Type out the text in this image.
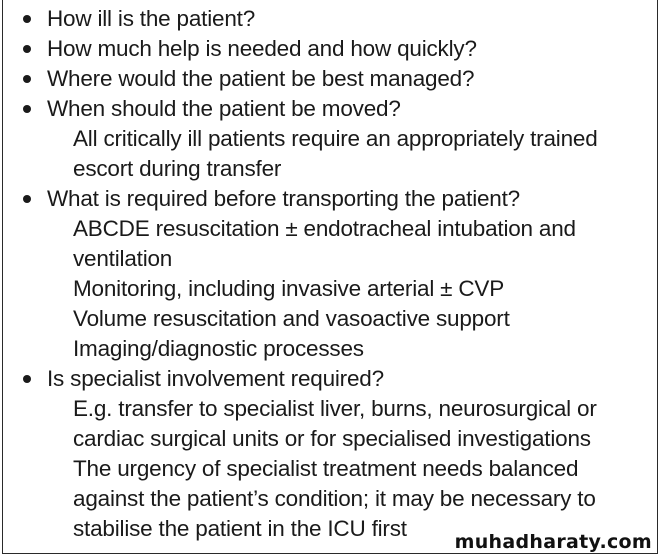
How ill is the patient?
How much help is needed and how quickly?
Where would the patient be best managed?
When should the patient be moved?
All critically ill patients require an appropriately trained
escort during transfer
What is required before transporting the patient?
ABCDE resuscitation ± endotracheal intubation and
ventilation
Monitoring, including invasive arterial ± CVP
Volume resuscitation and vasoactive support
Imaging/diagnostic processes
Is specialist involvement required?
E.g. transfer to specialist liver, burns, neurosurgical or
cardiac surgical units or for specialised investigations
The urgency of specialist treatment needs balanced
against the patient’s condition; it may be necessary to
stabilise the patient in the ICU first
muhadharaty.com
